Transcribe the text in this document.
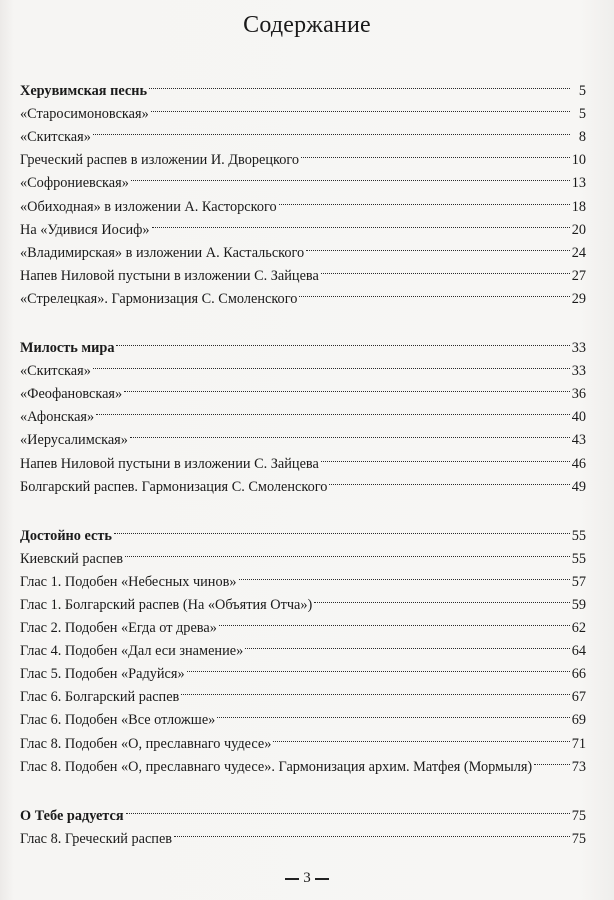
Содержание
Херувимская песнь	5
«Старосимоновская»	5
«Скитская»	8
Греческий распев в изложении И. Дворецкого	10
«Софрониевская»	13
«Обиходная» в изложении А. Касторского	18
На «Удивися Иосиф»	20
«Владимирская» в изложении А. Кастальского	24
Напев Ниловой пустыни в изложении С. Зайцева	27
«Стрелецкая». Гармонизация С. Смоленского	29
Милость мира	33
«Скитская»	33
«Феофановская»	36
«Афонская»	40
«Иерусалимская»	43
Напев Ниловой пустыни в изложении С. Зайцева	46
Болгарский распев. Гармонизация С. Смоленского	49
Достойно есть	55
Киевский распев	55
Глас 1. Подобен «Небесных чинов»	57
Глас 1. Болгарский распев (На «Объятия Отча»)	59
Глас 2. Подобен «Егда от древа»	62
Глас 4. Подобен «Дал еси знамение»	64
Глас 5. Подобен «Радуйся»	66
Глас 6. Болгарский распев	67
Глас 6. Подобен «Все отложше»	69
Глас 8. Подобен «О, преславнаго чудесе»	71
Глас 8. Подобен «О, преславнаго чудесе». Гармонизация архим. Матфея (Мормыля)	73
О Тебе радуется	75
Глас 8. Греческий распев	75
3
